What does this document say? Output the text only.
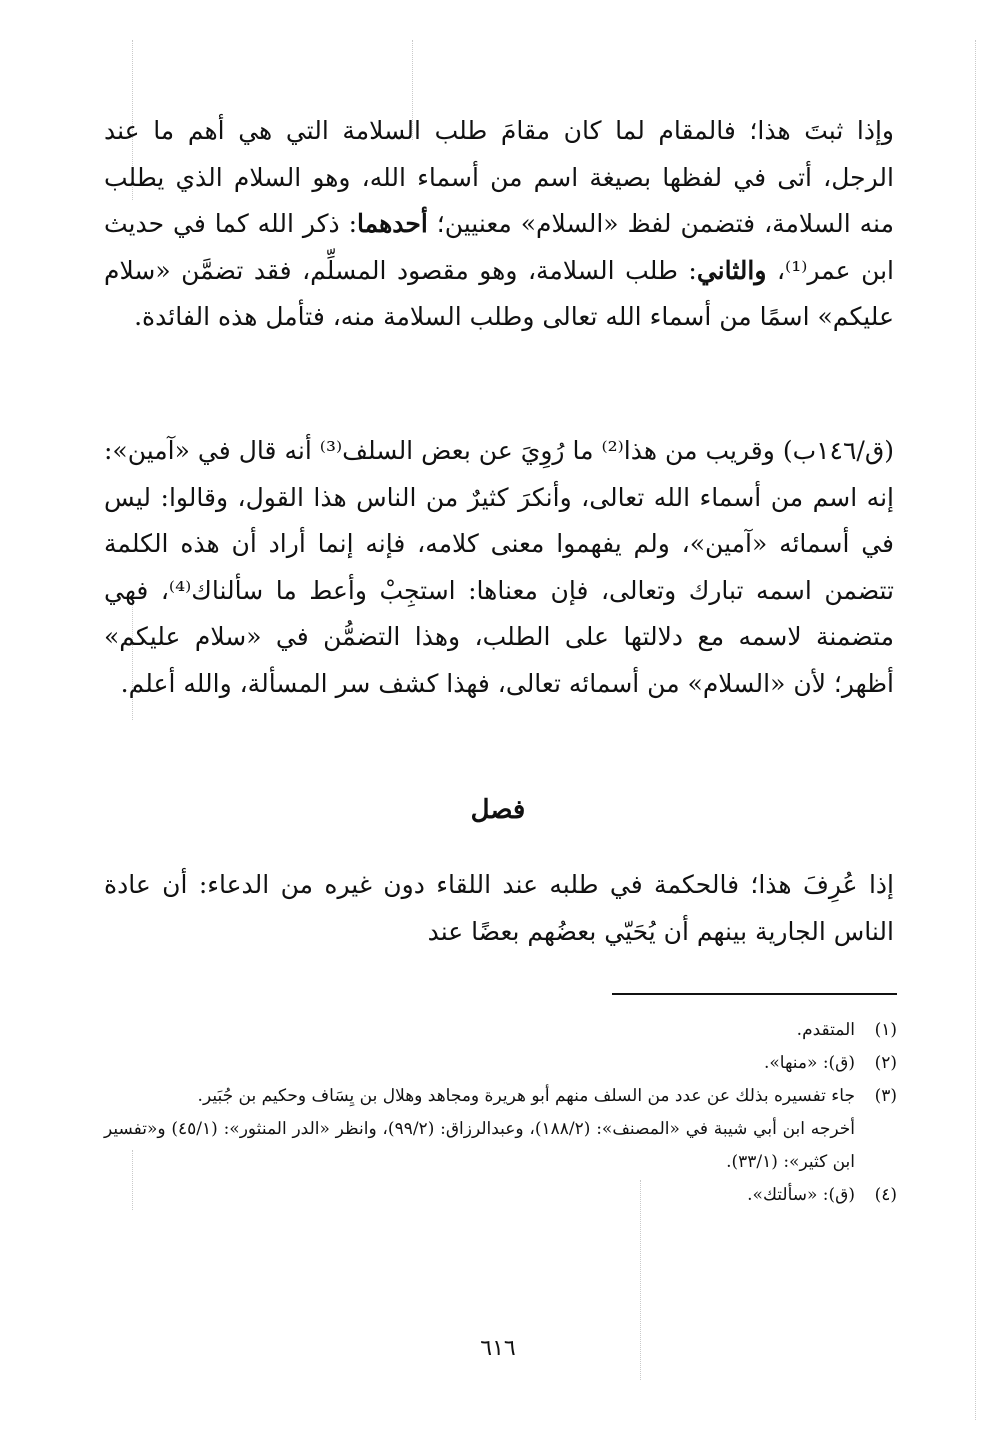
وإذا ثبتَ هذا؛ فالمقام لما كان مقامَ طلب السلامة التي هي أهم ما عند الرجل، أتى في لفظها بصيغة اسم من أسماء الله، وهو السلام الذي يطلب منه السلامة، فتضمن لفظ «السلام» معنيين؛ أحدهما: ذكر الله كما في حديث ابن عمر⁽¹⁾، والثاني: طلب السلامة، وهو مقصود المسلِّم، فقد تضمَّن «سلام عليكم» اسمًا من أسماء الله تعالى وطلب السلامة منه، فتأمل هذه الفائدة.

(ق/١٤٦ب) وقريب من هذا⁽²⁾ ما رُوِيَ عن بعض السلف⁽³⁾ أنه قال في «آمين»: إنه اسم من أسماء الله تعالى، وأنكرَ كثيرٌ من الناس هذا القول، وقالوا: ليس في أسمائه «آمين»، ولم يفهموا معنى كلامه، فإنه إنما أراد أن هذه الكلمة تتضمن اسمه تبارك وتعالى، فإن معناها: استجِبْ وأعط ما سألناك⁽⁴⁾، فهي متضمنة لاسمه مع دلالتها على الطلب، وهذا التضمُّن في «سلام عليكم» أظهر؛ لأن «السلام» من أسمائه تعالى، فهذا كشف سر المسألة، والله أعلم.

فصل

إذا عُرِفَ هذا؛ فالحكمة في طلبه عند اللقاء دون غيره من الدعاء: أن عادة الناس الجارية بينهم أن يُحَيّي بعضُهم بعضًا عند

(١)
المتقدم.
(٢)
(ق): «منها».
(٣)
جاء تفسيره بذلك عن عدد من السلف منهم أبو هريرة ومجاهد وهلال بن يِسَاف وحكيم بن جُبَير.
أخرجه ابن أبي شيبة في «المصنف»: (١٨٨/٢)، وعبدالرزاق: (٩٩/٢)، وانظر «الدر المنثور»: (٤٥/١) و«تفسير ابن كثير»: (٣٣/١).
(٤)
(ق): «سألتك».
٦١٦
